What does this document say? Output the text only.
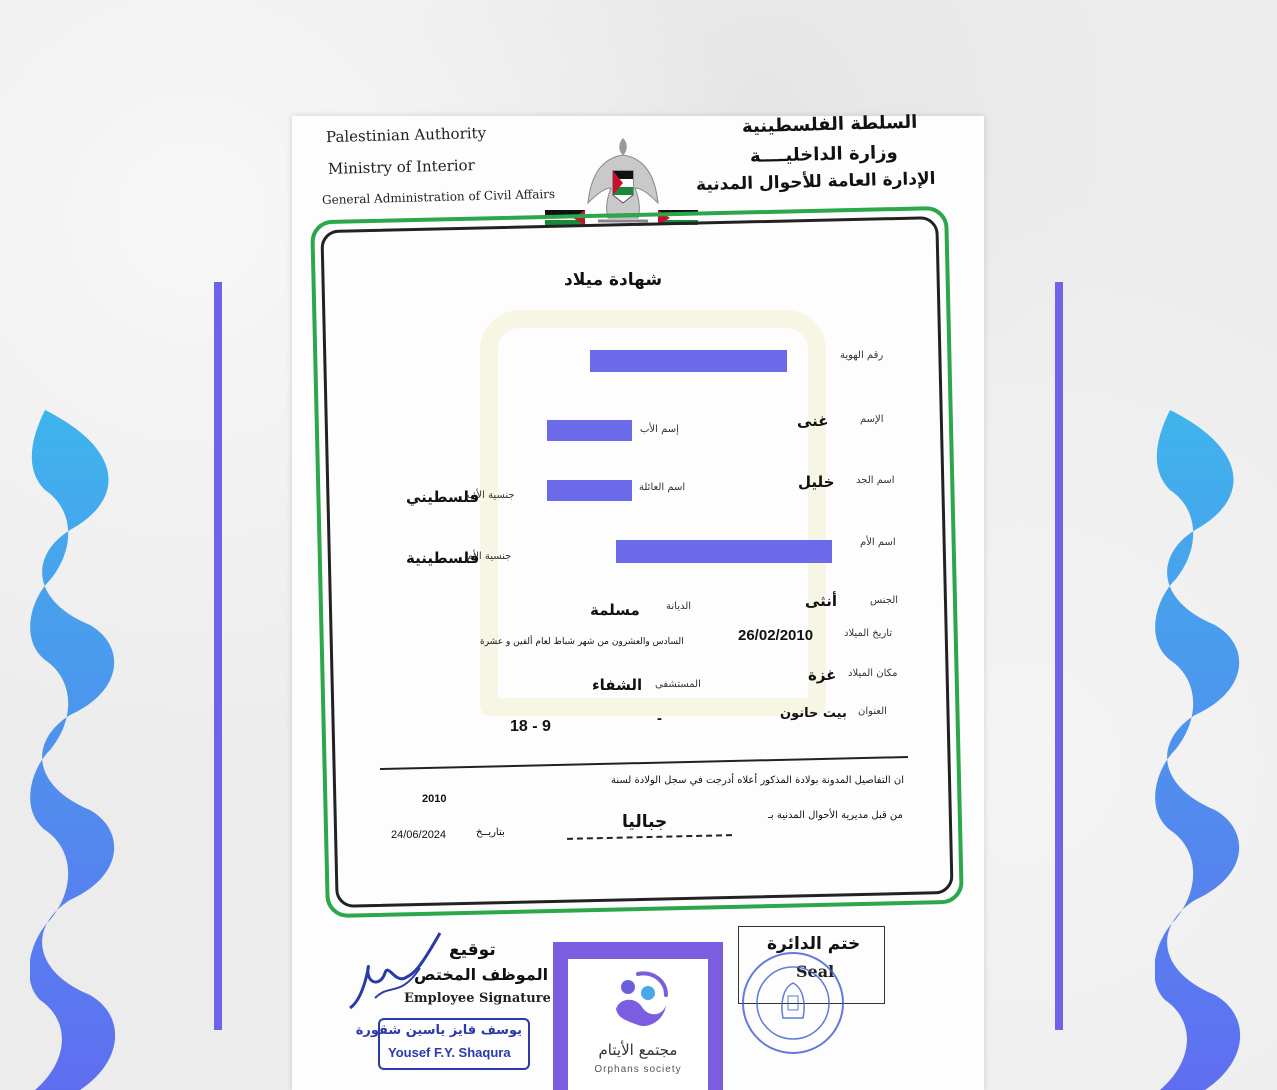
Palestinian Authority
Ministry of Interior
General Administration of Civil Affairs
السلطة الفلسطينية
وزارة الداخليــــة
الإدارة العامة للأحوال المدنية
شهادة ميلاد
رقم الهوية
الإسم
غنى
إسم الأب
اسم الجد
خليل
اسم العائلة
جنسية الأب
فلسطيني
اسم الأم
جنسية الأم
فلسطينية
الجنس
أنثى
الديانة
مسلمة
تاريخ الميلاد
26/02/2010
السادس والعشرون من شهر شباط لعام ألفين و عشرة
مكان الميلاد
غزة
المستشفى
الشفاء
العنوان
بيت حانون
-
18 - 9
ان التفاصيل المدونة بولادة المذكور أعلاه أدرجت في سجل الولادة لسنة
2010
من قبل مديرية الأحوال المدنية بـ
جباليا
بتاريــخ
24/06/2024
توقيع
الموظف المختص
Employee Signature
يوسف فايز ياسين شقورة
Yousef F.Y. Shaqura	مجتمع الأيتام
Orphans society
ختم الدائرة
Seal
